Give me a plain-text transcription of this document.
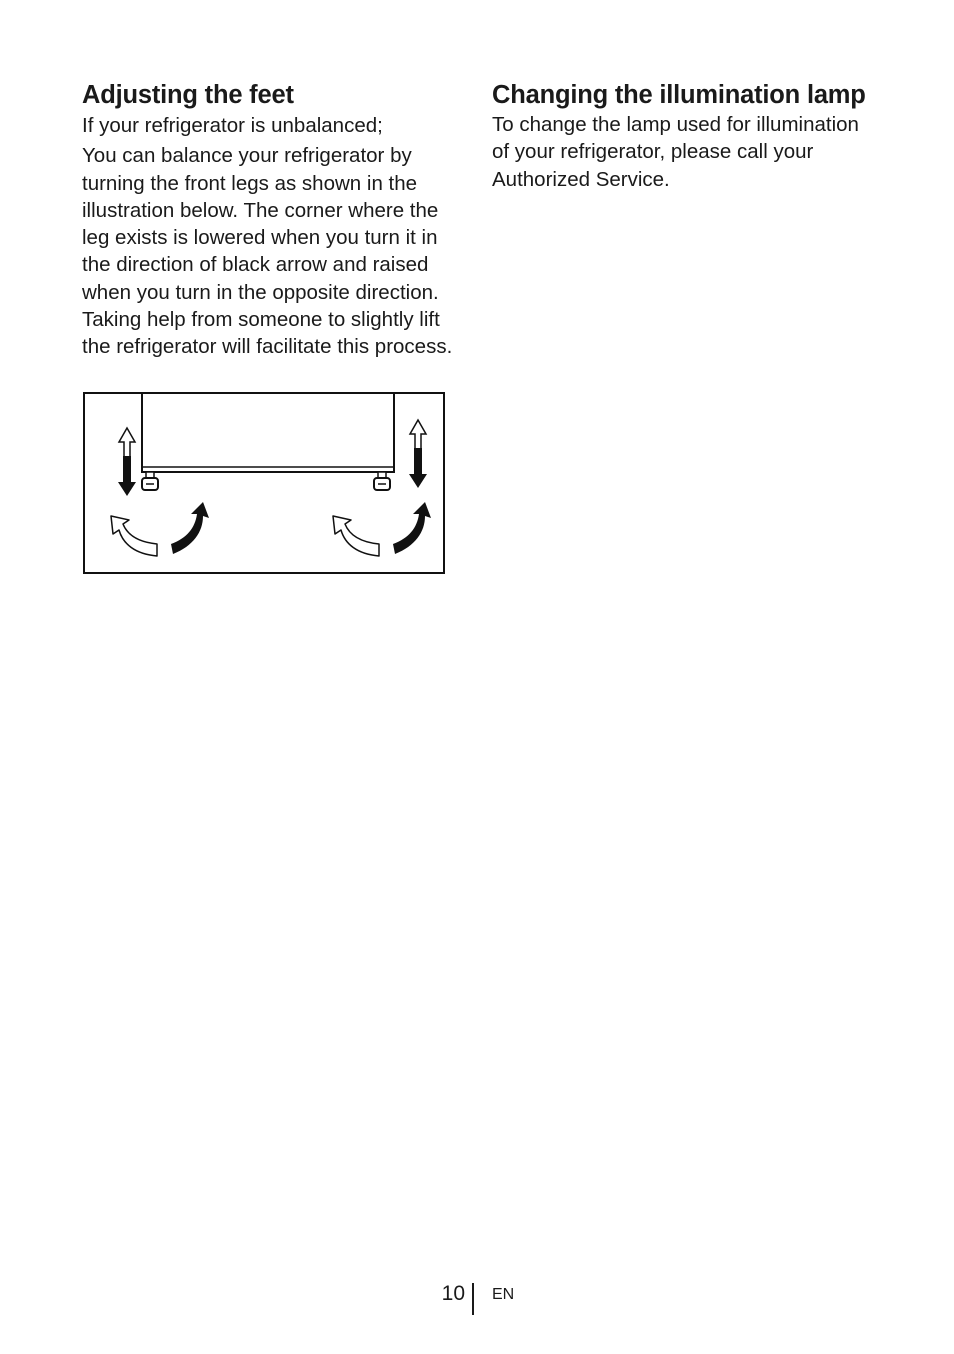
Adjusting the feet

If your refrigerator is unbalanced;

You can balance your refrigerator by turning the front legs as shown in the illustration below. The corner where the leg exists is lowered when you turn it in the direction of black arrow and raised when you turn in the opposite direction. Taking help from someone to slightly lift the refrigerator will facilitate this process.

Changing the illumination lamp

To change the lamp used for illumination of your refrigerator, please call your Authorized Service.

10 EN
